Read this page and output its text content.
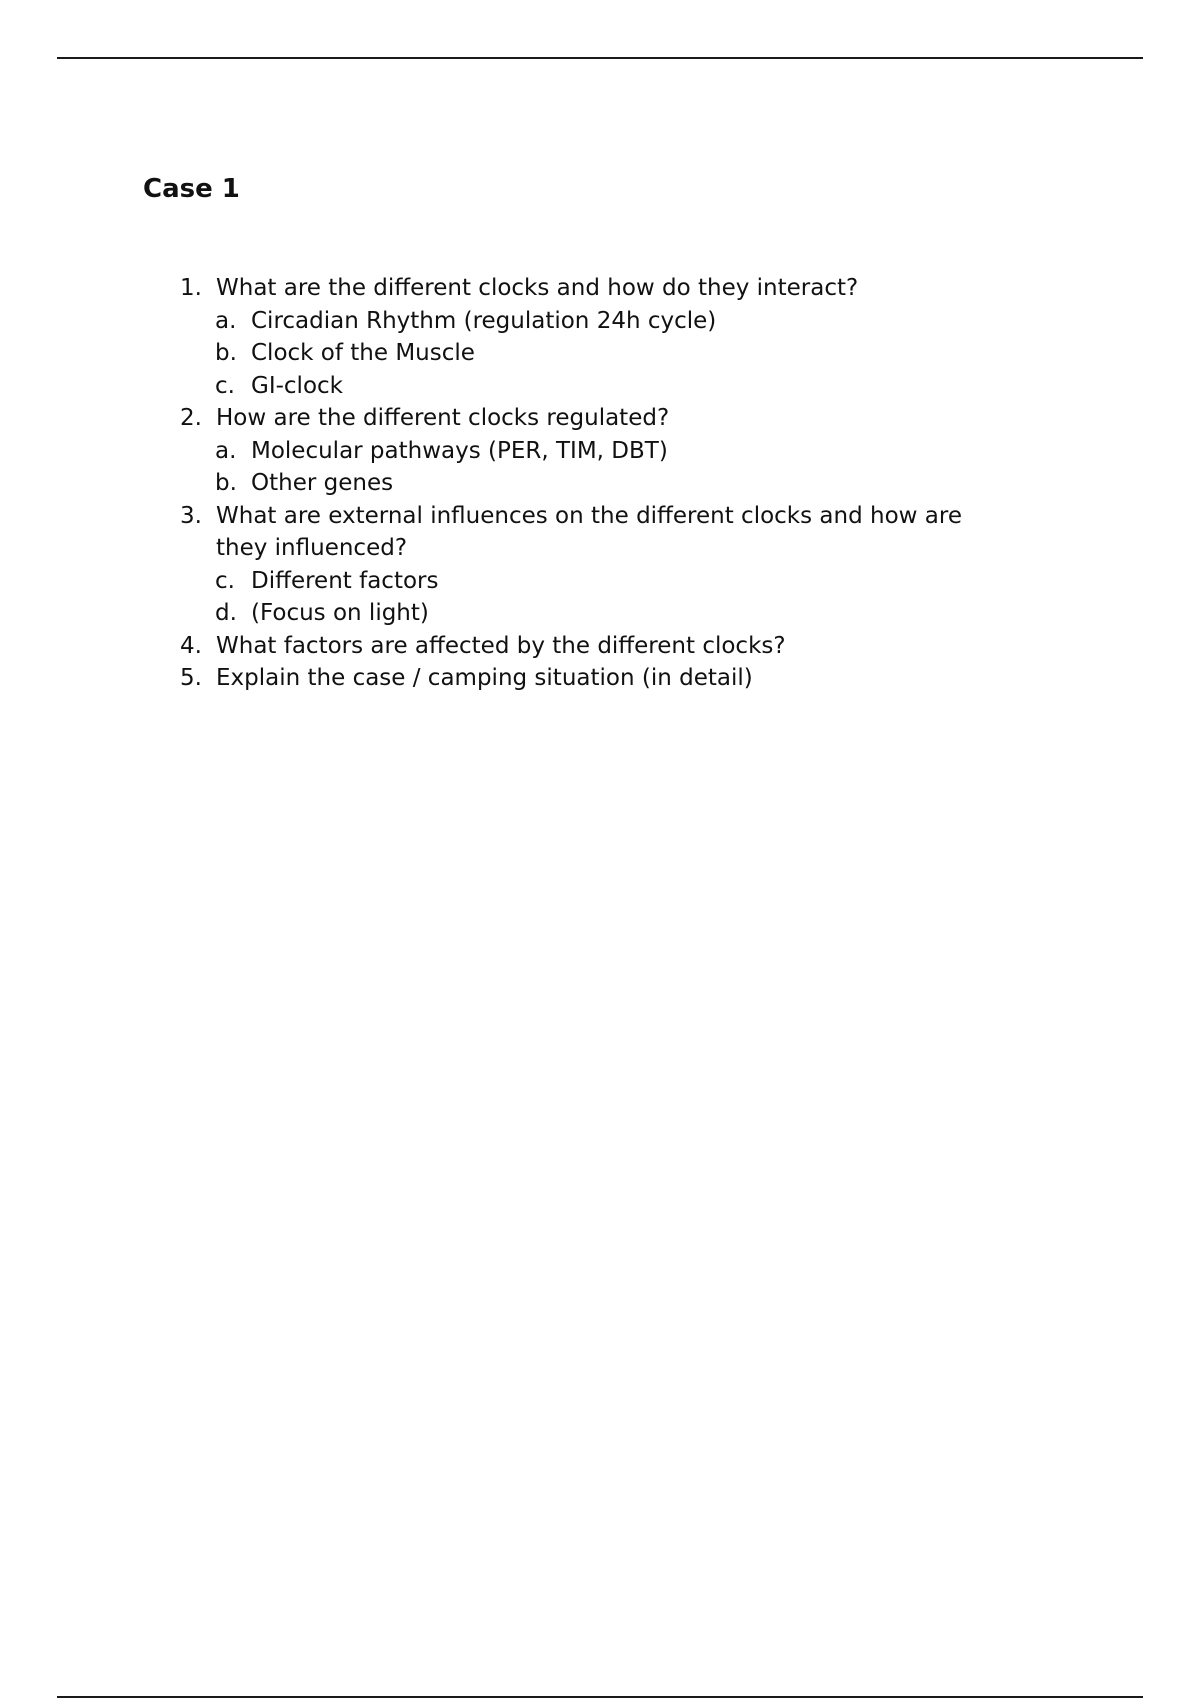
Case 1
1. What are the different clocks and how do they interact?
a. Circadian Rhythm (regulation 24h cycle)
b. Clock of the Muscle
c. GI-clock
2. How are the different clocks regulated?
a. Molecular pathways (PER, TIM, DBT)
b. Other genes
3. What are external influences on the different clocks and how are
they influenced?
c. Different factors
d. (Focus on light)
4. What factors are affected by the different clocks?
5. Explain the case / camping situation (in detail)
